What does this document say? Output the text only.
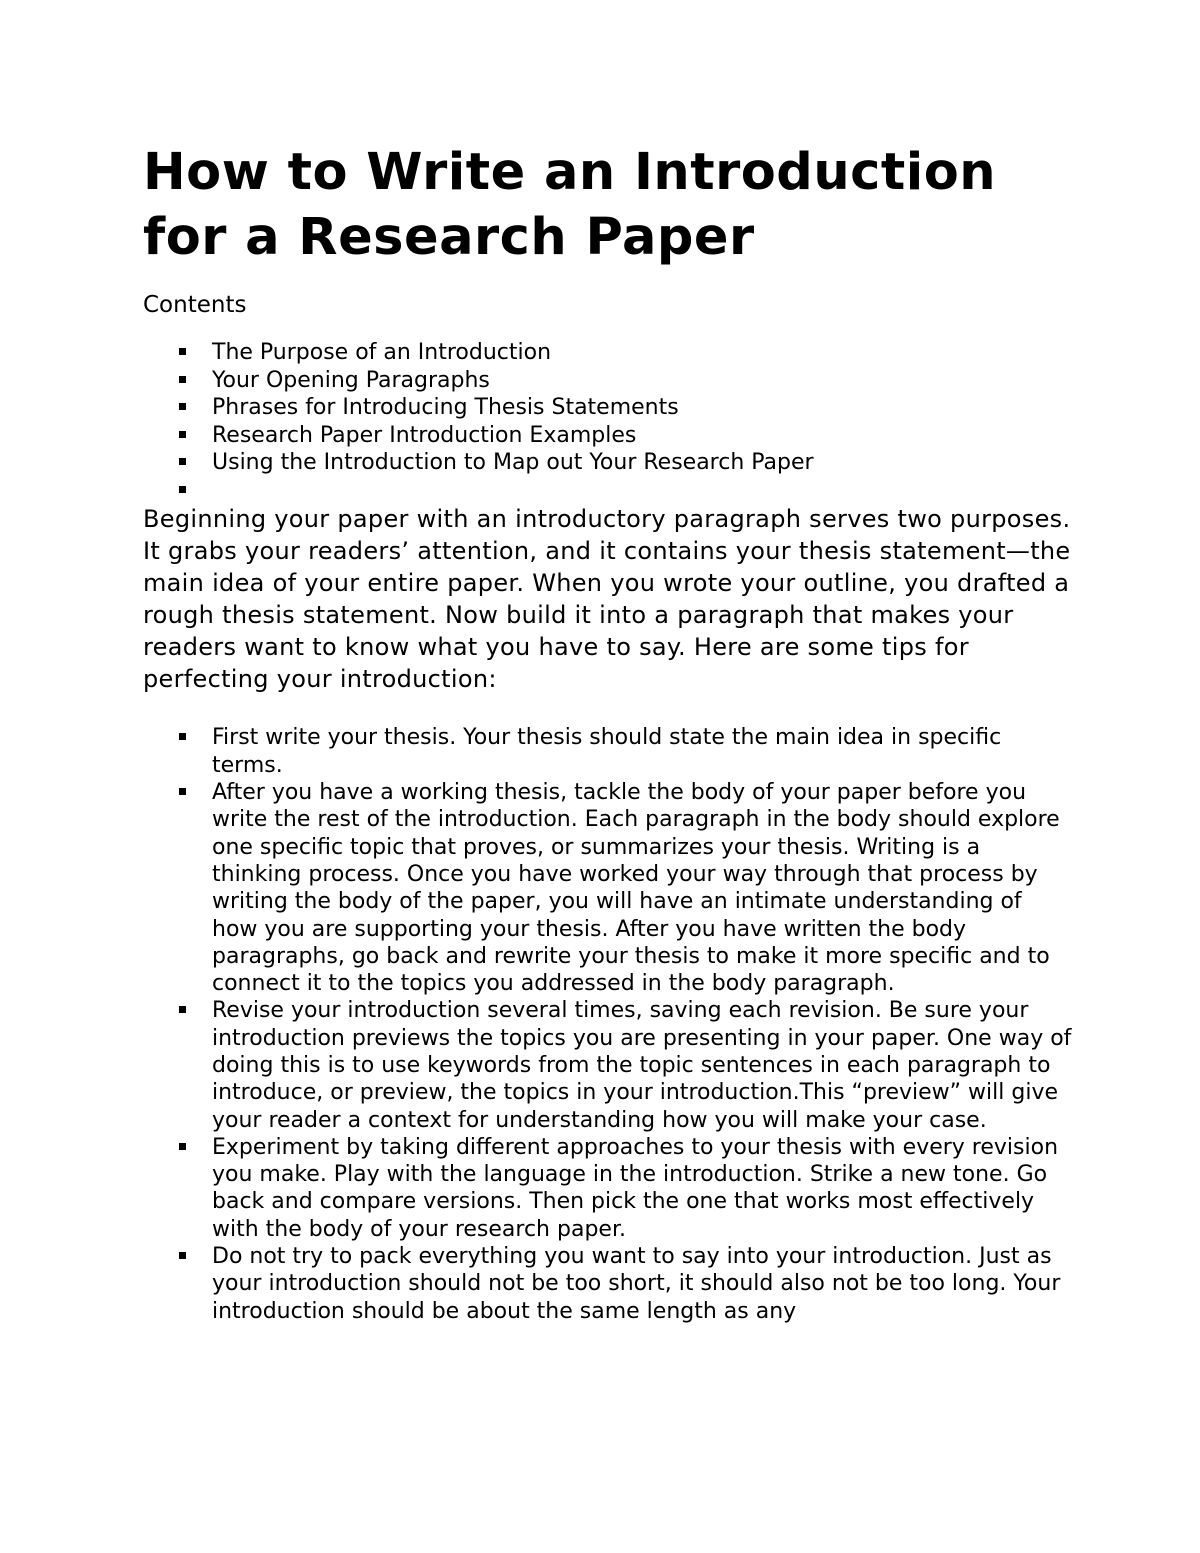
How to Write an Introduction for a Research Paper
Contents
The Purpose of an Introduction
Your Opening Paragraphs
Phrases for Introducing Thesis Statements
Research Paper Introduction Examples
Using the Introduction to Map out Your Research Paper

Beginning your paper with an introductory paragraph serves two purposes. It grabs your readers’ attention, and it contains your thesis statement—the main idea of your entire paper. When you wrote your outline, you drafted a rough thesis statement. Now build it into a paragraph that makes your readers want to know what you have to say. Here are some tips for perfecting your introduction:

First write your thesis. Your thesis should state the main idea in specific terms.
After you have a working thesis, tackle the body of your paper before you write the rest of the introduction. Each paragraph in the body should explore one specific topic that proves, or summarizes your thesis. Writing is a thinking process. Once you have worked your way through that process by writing the body of the paper, you will have an intimate understanding of how you are supporting your thesis. After you have written the body paragraphs, go back and rewrite your thesis to make it more specific and to connect it to the topics you addressed in the body paragraph.
Revise your introduction several times, saving each revision. Be sure your introduction previews the topics you are presenting in your paper. One way of doing this is to use keywords from the topic sentences in each paragraph to introduce, or preview, the topics in your introduction.This “preview” will give your reader a context for understanding how you will make your case.
Experiment by taking different approaches to your thesis with every revision you make. Play with the language in the introduction. Strike a new tone. Go back and compare versions. Then pick the one that works most effectively with the body of your research paper.
Do not try to pack everything you want to say into your introduction. Just as your introduction should not be too short, it should also not be too long. Your introduction should be about the same length as any
